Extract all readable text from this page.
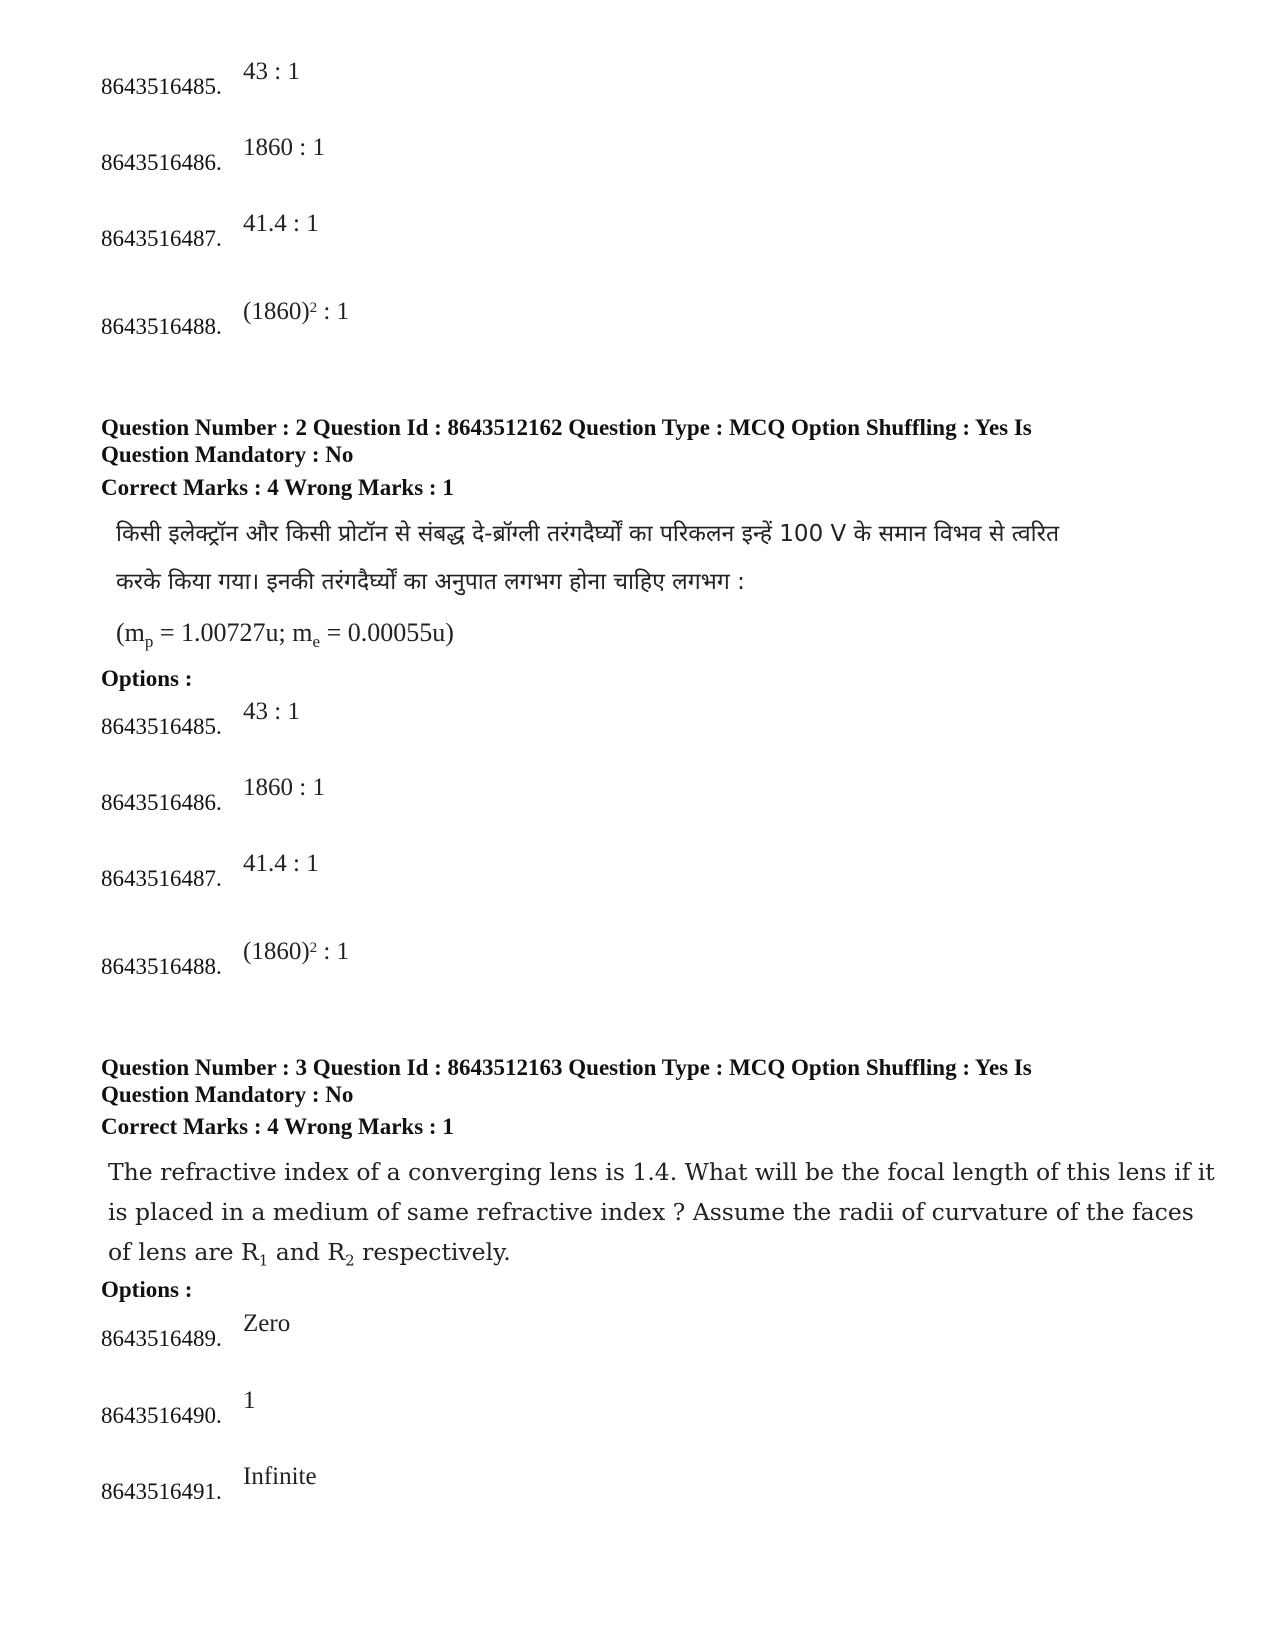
8643516485.
43 : 1
8643516486.
1860 : 1
8643516487.
41.4 : 1
8643516488.
$(1860)^2$ : 1
Question Number : 2 Question Id : 8643512162 Question Type : MCQ Option Shuffling : Yes Is
Question Mandatory : No
Correct Marks : 4 Wrong Marks : 1
किसी इलेक्ट्रॉन और किसी प्रोटॉन से संबद्ध दे-ब्रॉग्ली तरंगदैर्घ्यों का परिकलन इन्हें 100 V के समान विभव से त्वरित
करके किया गया। इनकी तरंगदैर्घ्यों का अनुपात लगभग होना चाहिए लगभग :
($m_p = 1.00727u$; $m_e = 0.00055u$)
Options :
8643516485.
43 : 1
8643516486.
1860 : 1
8643516487.
41.4 : 1
8643516488.
$(1860)^2$ : 1
Question Number : 3 Question Id : 8643512163 Question Type : MCQ Option Shuffling : Yes Is
Question Mandatory : No
Correct Marks : 4 Wrong Marks : 1
The refractive index of a converging lens is 1.4. What will be the focal length of this lens if it
is placed in a medium of same refractive index ? Assume the radii of curvature of the faces
of lens are $R_1$ and $R_2$ respectively.
Options :
8643516489.
Zero
8643516490.
1
8643516491.
Infinite
